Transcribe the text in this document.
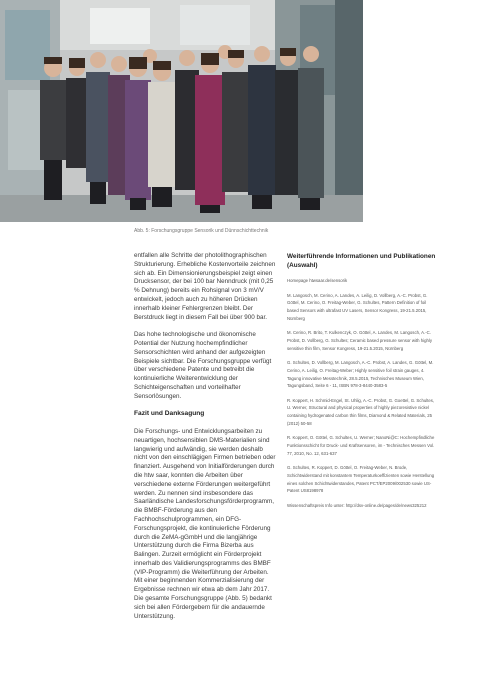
Abb. 5: Forschungsgruppe Sensorik und Dünnschichttechnik

entfallen alle Schritte der photolithographischen Strukturierung. Erhebliche Kostenvorteile zeichnen sich ab. Ein Dimensionierungsbeispiel zeigt einen Drucksensor, der bei 100 bar Nenndruck (mit 0,25 % Dehnung) bereits ein Rohsignal von 3 mV/V entwickelt, jedoch auch zu höheren Drücken innerhalb kleiner Fehlergrenzen bleibt. Der Berstdruck liegt in diesem Fall bei über 900 bar.

Das hohe technologische und ökonomische Potential der Nutzung hochempfindlicher Sensorschichten wird anhand der aufgezeigten Beispiele sichtbar. Die Forschungsgruppe verfügt über verschiedene Patente und betreibt die kontinuierliche Weiterentwicklung der Schichteigenschaften und vorteilhafter Sensorlösungen.

Fazit und Danksagung

Die Forschungs- und Entwicklungsarbeiten zu neuartigen, hochsensiblen DMS-Materialien sind langwierig und aufwändig, sie werden deshalb nicht von den einschlägigen Firmen betrieben oder finanziert. Ausgehend von Initialförderungen durch die htw saar, konnten die Arbeiten über verschiedene externe Förderungen weitergeführt werden. Zu nennen sind insbesondere das Saarländische Landesforschungsförderprogramm, die BMBF-Förderung aus den Fachhochschulprogrammen, ein DFG-Forschungsprojekt, die kontinuierliche Förderung durch die ZeMA-gGmbH und die langjährige Unterstützung durch die Firma Bizerba aus Balingen. Zurzeit ermöglicht ein Förderprojekt innerhalb des Validierungsprogramms des BMBF (VIP-Programm) die Weiterführung der Arbeiten. Mit einer beginnenden Kommerzialisierung der Ergebnisse rechnen wir etwa ab dem Jahr 2017. Die gesamte Forschungsgruppe (Abb. 5) bedankt sich bei allen Fördergebern für die andauernde Unterstützung.

Weiterführende Informationen und Publikationen (Auswahl)

Homepage htwsaar.de/sensorik

M. Langosch, M. Cerino, A. Landes, A. Leilig, D. Vollberg, A.-C. Probst, G. Göttel, M. Cerino, O. Freitag-Weber, G. Schultes, Pattern Definition of foil based Sensors with ultrafast UV Lasers, Sensor Kongress, 19-21.5.2015, Nürnberg

M. Cerino, R. Brito, T. Kulkenczyk, O. Göttel, A. Landes, M. Langosch, A.-C. Probst, D. Vollberg, G. Schultes; Ceramic based pressure sensor with highly sensitive thin film, Sensor Kongress, 19-21.5.2015, Nürnberg

G. Schultes, D. Vollberg, M. Langosch, A.-C. Probst, A. Landes, G. Göttel, M. Cerino, A. Leilig, O. Freitag-Weber; Highly sensitive foil strain gauges, 4. Tagung innovative Messtechnik, 28.5.2015, Technisches Museum Wien, Tagungsband, Seite 6 - 11, ISBN 978-3-8440-3583-5

R. Koppert, H. Schmid-Engel, St. Uhlig, A.-C. Probst, G. Goettel, G. Schultes, U. Werner, Structural and physical properties of highly piezoresistive nickel containing hydrogenated carbon thin films, Diamond & Related Materials, 25 (2012) 50-58

R. Koppert, O. Göttel, G. Schultes, U. Werner; NanoNi@C: Hochempfindliche Funktionsschicht für Druck- und Kraftsensoren, im - Technisches Messen Vol. 77, 2010, No. 12, 631-637

G. Schultes, R. Koppert, D. Göttel, O. Freitag-Weber, N. Brode, Schichtwiderstand mit konstantem Temperaturkoeffizienten sowie Herstellung eines solchen Schichtwiderstandes, Patent PCT/EP2009/002530 sowie US-Patent US8198978

Wissenschaftspreis Info unter: http://dsv-online.de/pages/de/news325212
